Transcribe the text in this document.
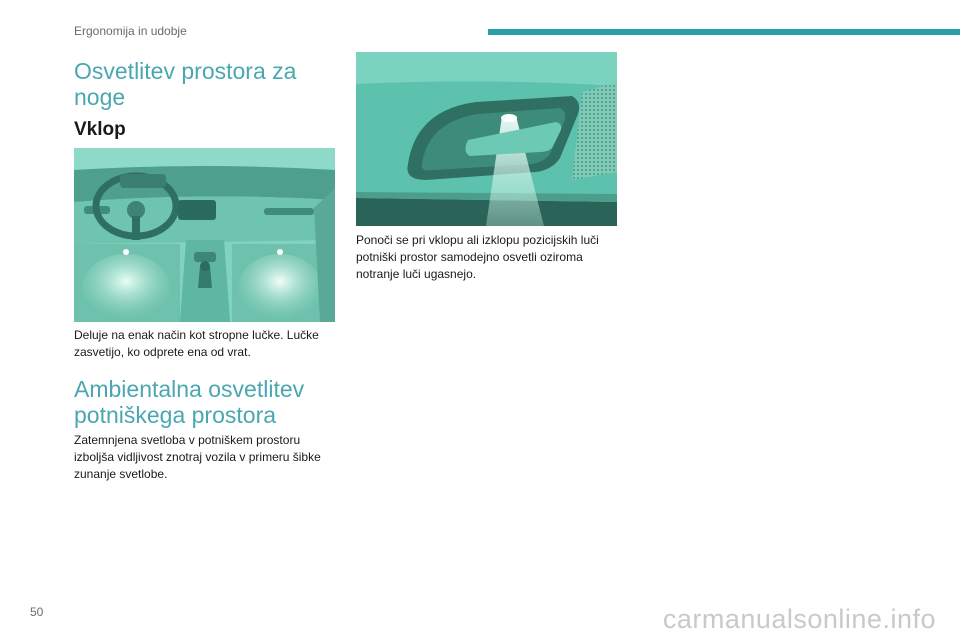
Ergonomija in udobje
Osvetlitev prostora za noge
Vklop

Deluje na enak način kot stropne lučke. Lučke zasvetijo, ko odprete ena od vrat.

Ambientalna osvetlitev potniškega prostora

Zatemnjena svetloba v potniškem prostoru izboljša vidljivost znotraj vozila v primeru šibke zunanje svetlobe.

Ponoči se pri vklopu ali izklopu pozicijskih luči potniški prostor samodejno osvetli oziroma notranje luči ugasnejo.

50	carmanualsonline.info
